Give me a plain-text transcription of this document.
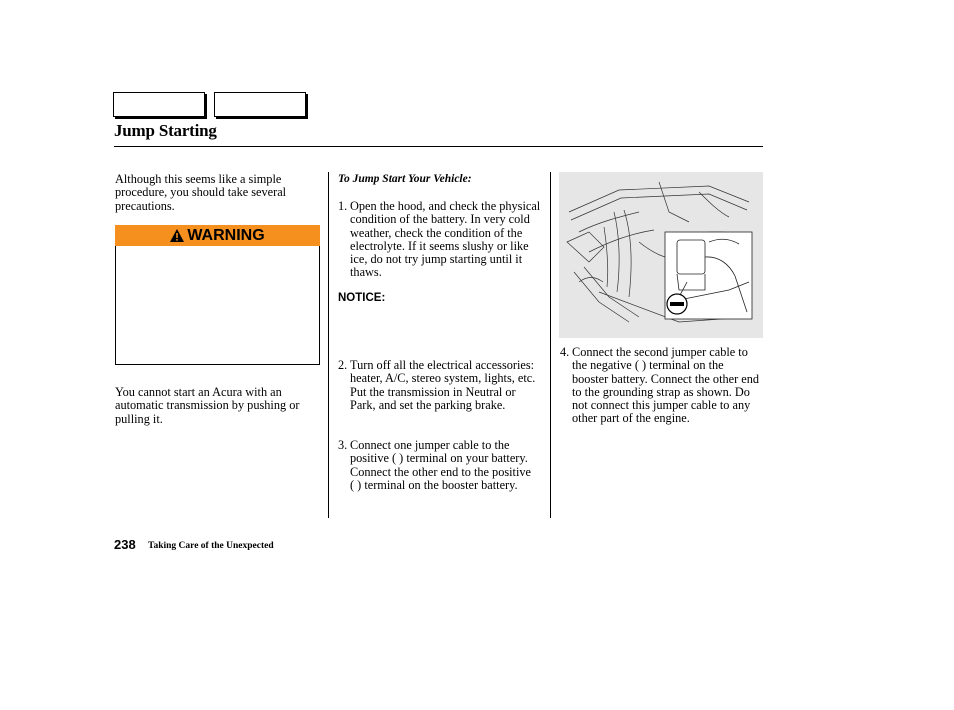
Jump Starting
Although this seems like a simple procedure, you should take several precautions.
WARNING
You cannot start an Acura with an automatic transmission by pushing or pulling it.
To Jump Start Your Vehicle:
1. Open the hood, and check the physical condition of the battery. In very cold weather, check the condition of the electrolyte. If it seems slushy or like ice, do not try jump starting until it thaws.
NOTICE:
2. Turn off all the electrical accessories: heater, A/C, stereo system, lights, etc. Put the transmission in Neutral or Park, and set the parking brake.
3. Connect one jumper cable to the positive ( ) terminal on your battery. Connect the other end to the positive ( ) terminal on the booster battery.
4. Connect the second jumper cable to the negative ( ) terminal on the booster battery. Connect the other end to the grounding strap as shown. Do not connect this jumper cable to any other part of the engine.
238 Taking Care of the Unexpected
